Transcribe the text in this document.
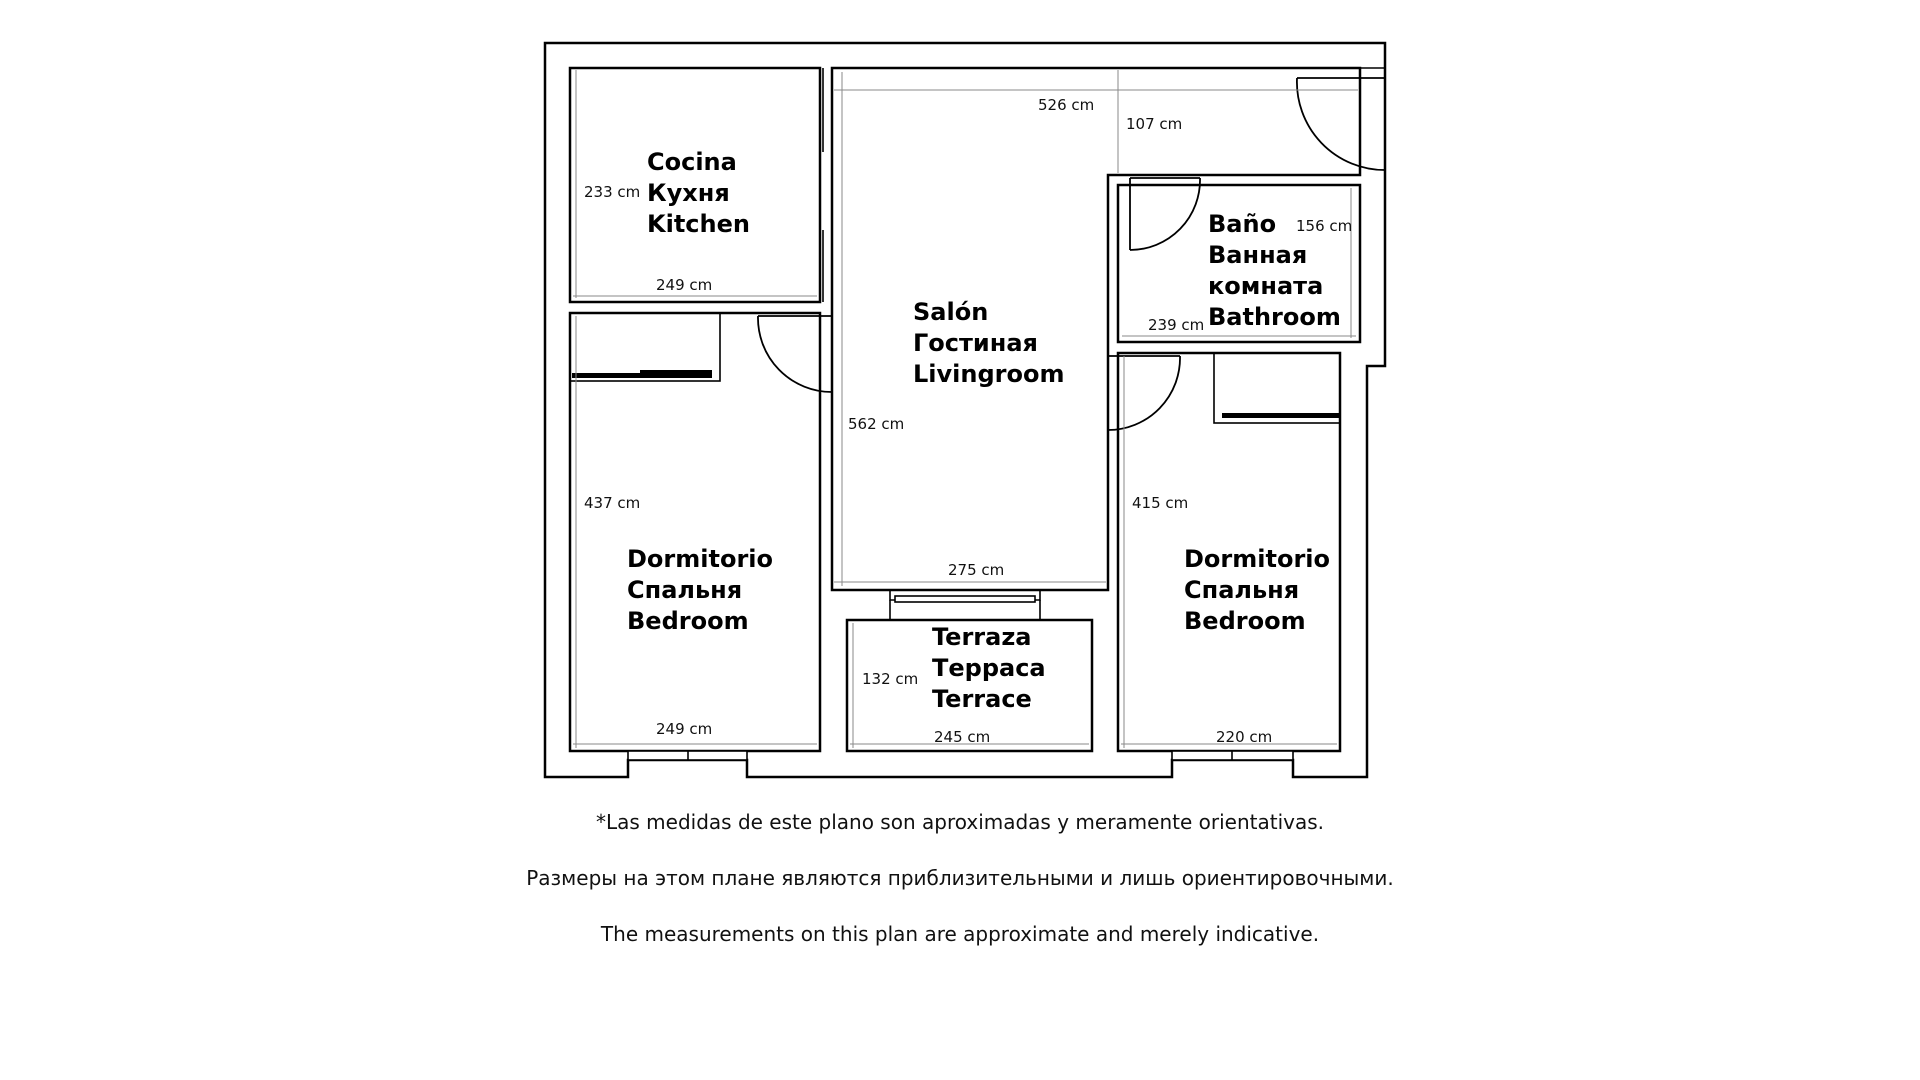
Cocina
Кухня
Kitchen
Salón
Гостиная
Livingroom
Baño
Ванная
комната
Bathroom
Dormitorio
Спальня
Bedroom
Dormitorio
Спальня
Bedroom
Terraza
Терраса
Terrace
526 cm
107 cm
233 cm
249 cm
156 cm
239 cm
562 cm
275 cm
437 cm
249 cm
415 cm
220 cm
132 cm
245 cm

*Las medidas de este plano son aproximadas y meramente orientativas.

Размеры на этом плане являются приблизительными и лишь ориентировочными.

The measurements on this plan are approximate and merely indicative.
